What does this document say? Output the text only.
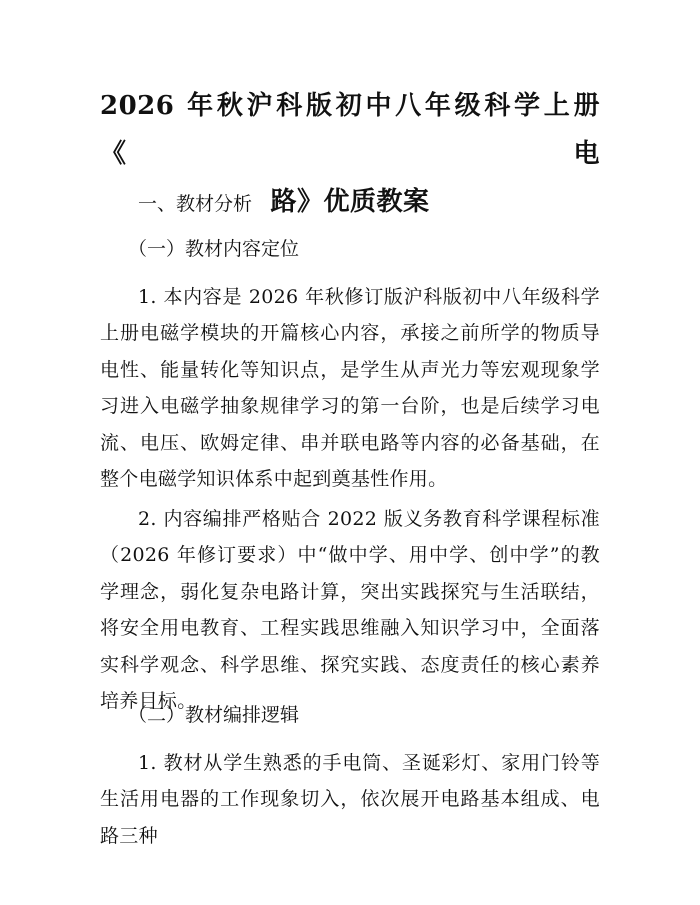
2026 年秋沪科版初中八年级科学上册《电
路》优质教案
一、教材分析
（一）教材内容定位
1. 本内容是 2026 年秋修订版沪科版初中八年级科学上册电磁学模块的开篇核心内容，承接之前所学的物质导电性、能量转化等知识点，是学生从声光力等宏观现象学习进入电磁学抽象规律学习的第一台阶，也是后续学习电流、电压、欧姆定律、串并联电路等内容的必备基础，在整个电磁学知识体系中起到奠基性作用。
2. 内容编排严格贴合 2022 版义务教育科学课程标准（2026 年修订要求）中“做中学、用中学、创中学”的教学理念，弱化复杂电路计算，突出实践探究与生活联结，将安全用电教育、工程实践思维融入知识学习中，全面落实科学观念、科学思维、探究实践、态度责任的核心素养培养目标。
（二）教材编排逻辑
1. 教材从学生熟悉的手电筒、圣诞彩灯、家用门铃等生活用电器的工作现象切入，依次展开电路基本组成、电路三种
